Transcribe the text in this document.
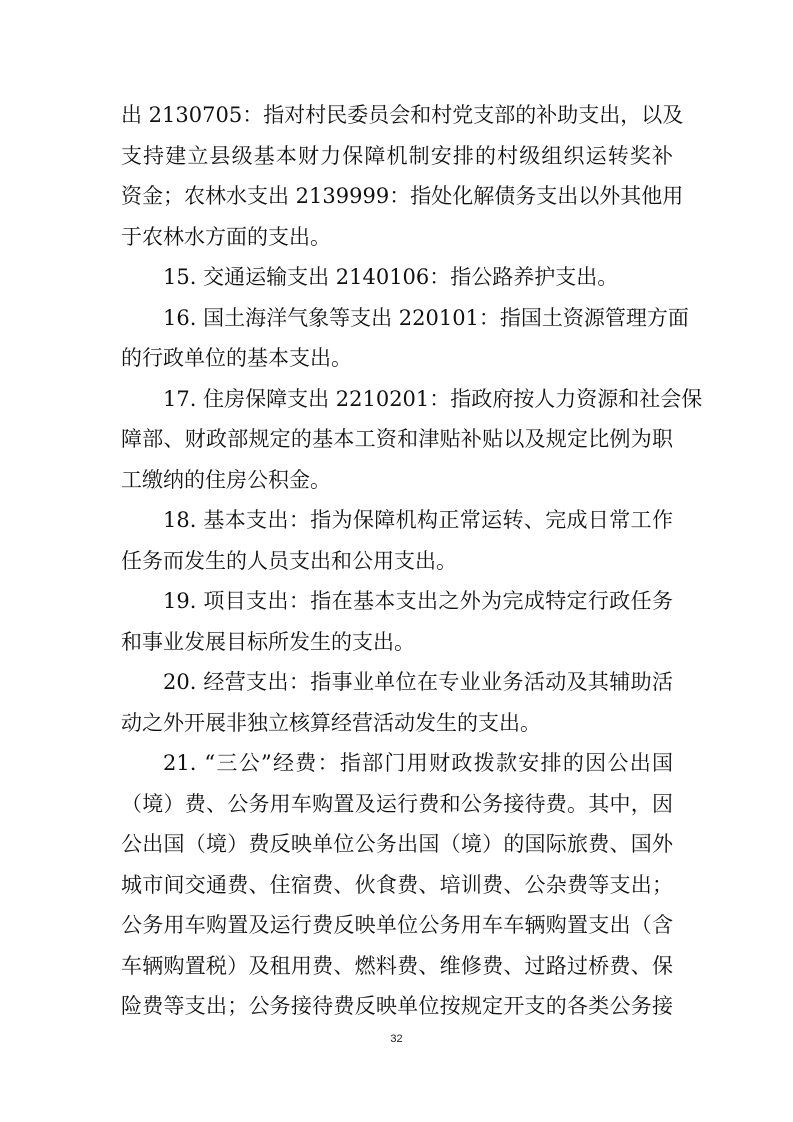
出 2130705：指对村民委员会和村党支部的补助支出，以及
支持建立县级基本财力保障机制安排的村级组织运转奖补
资金；农林水支出 2139999：指处化解债务支出以外其他用
于农林水方面的支出。
15. 交通运输支出 2140106：指公路养护支出。
16. 国土海洋气象等支出 220101：指国土资源管理方面
的行政单位的基本支出。
17. 住房保障支出 2210201：指政府按人力资源和社会保
障部、财政部规定的基本工资和津贴补贴以及规定比例为职
工缴纳的住房公积金。
18. 基本支出：指为保障机构正常运转、完成日常工作
任务而发生的人员支出和公用支出。
19. 项目支出：指在基本支出之外为完成特定行政任务
和事业发展目标所发生的支出。
20. 经营支出：指事业单位在专业业务活动及其辅助活
动之外开展非独立核算经营活动发生的支出。
21. “三公”经费：指部门用财政拨款安排的因公出国
（境）费、公务用车购置及运行费和公务接待费。其中，因
公出国（境）费反映单位公务出国（境）的国际旅费、国外
城市间交通费、住宿费、伙食费、培训费、公杂费等支出；
32
公务用车购置及运行费反映单位公务用车车辆购置支出（含
车辆购置税）及租用费、燃料费、维修费、过路过桥费、保
险费等支出；公务接待费反映单位按规定开支的各类公务接
